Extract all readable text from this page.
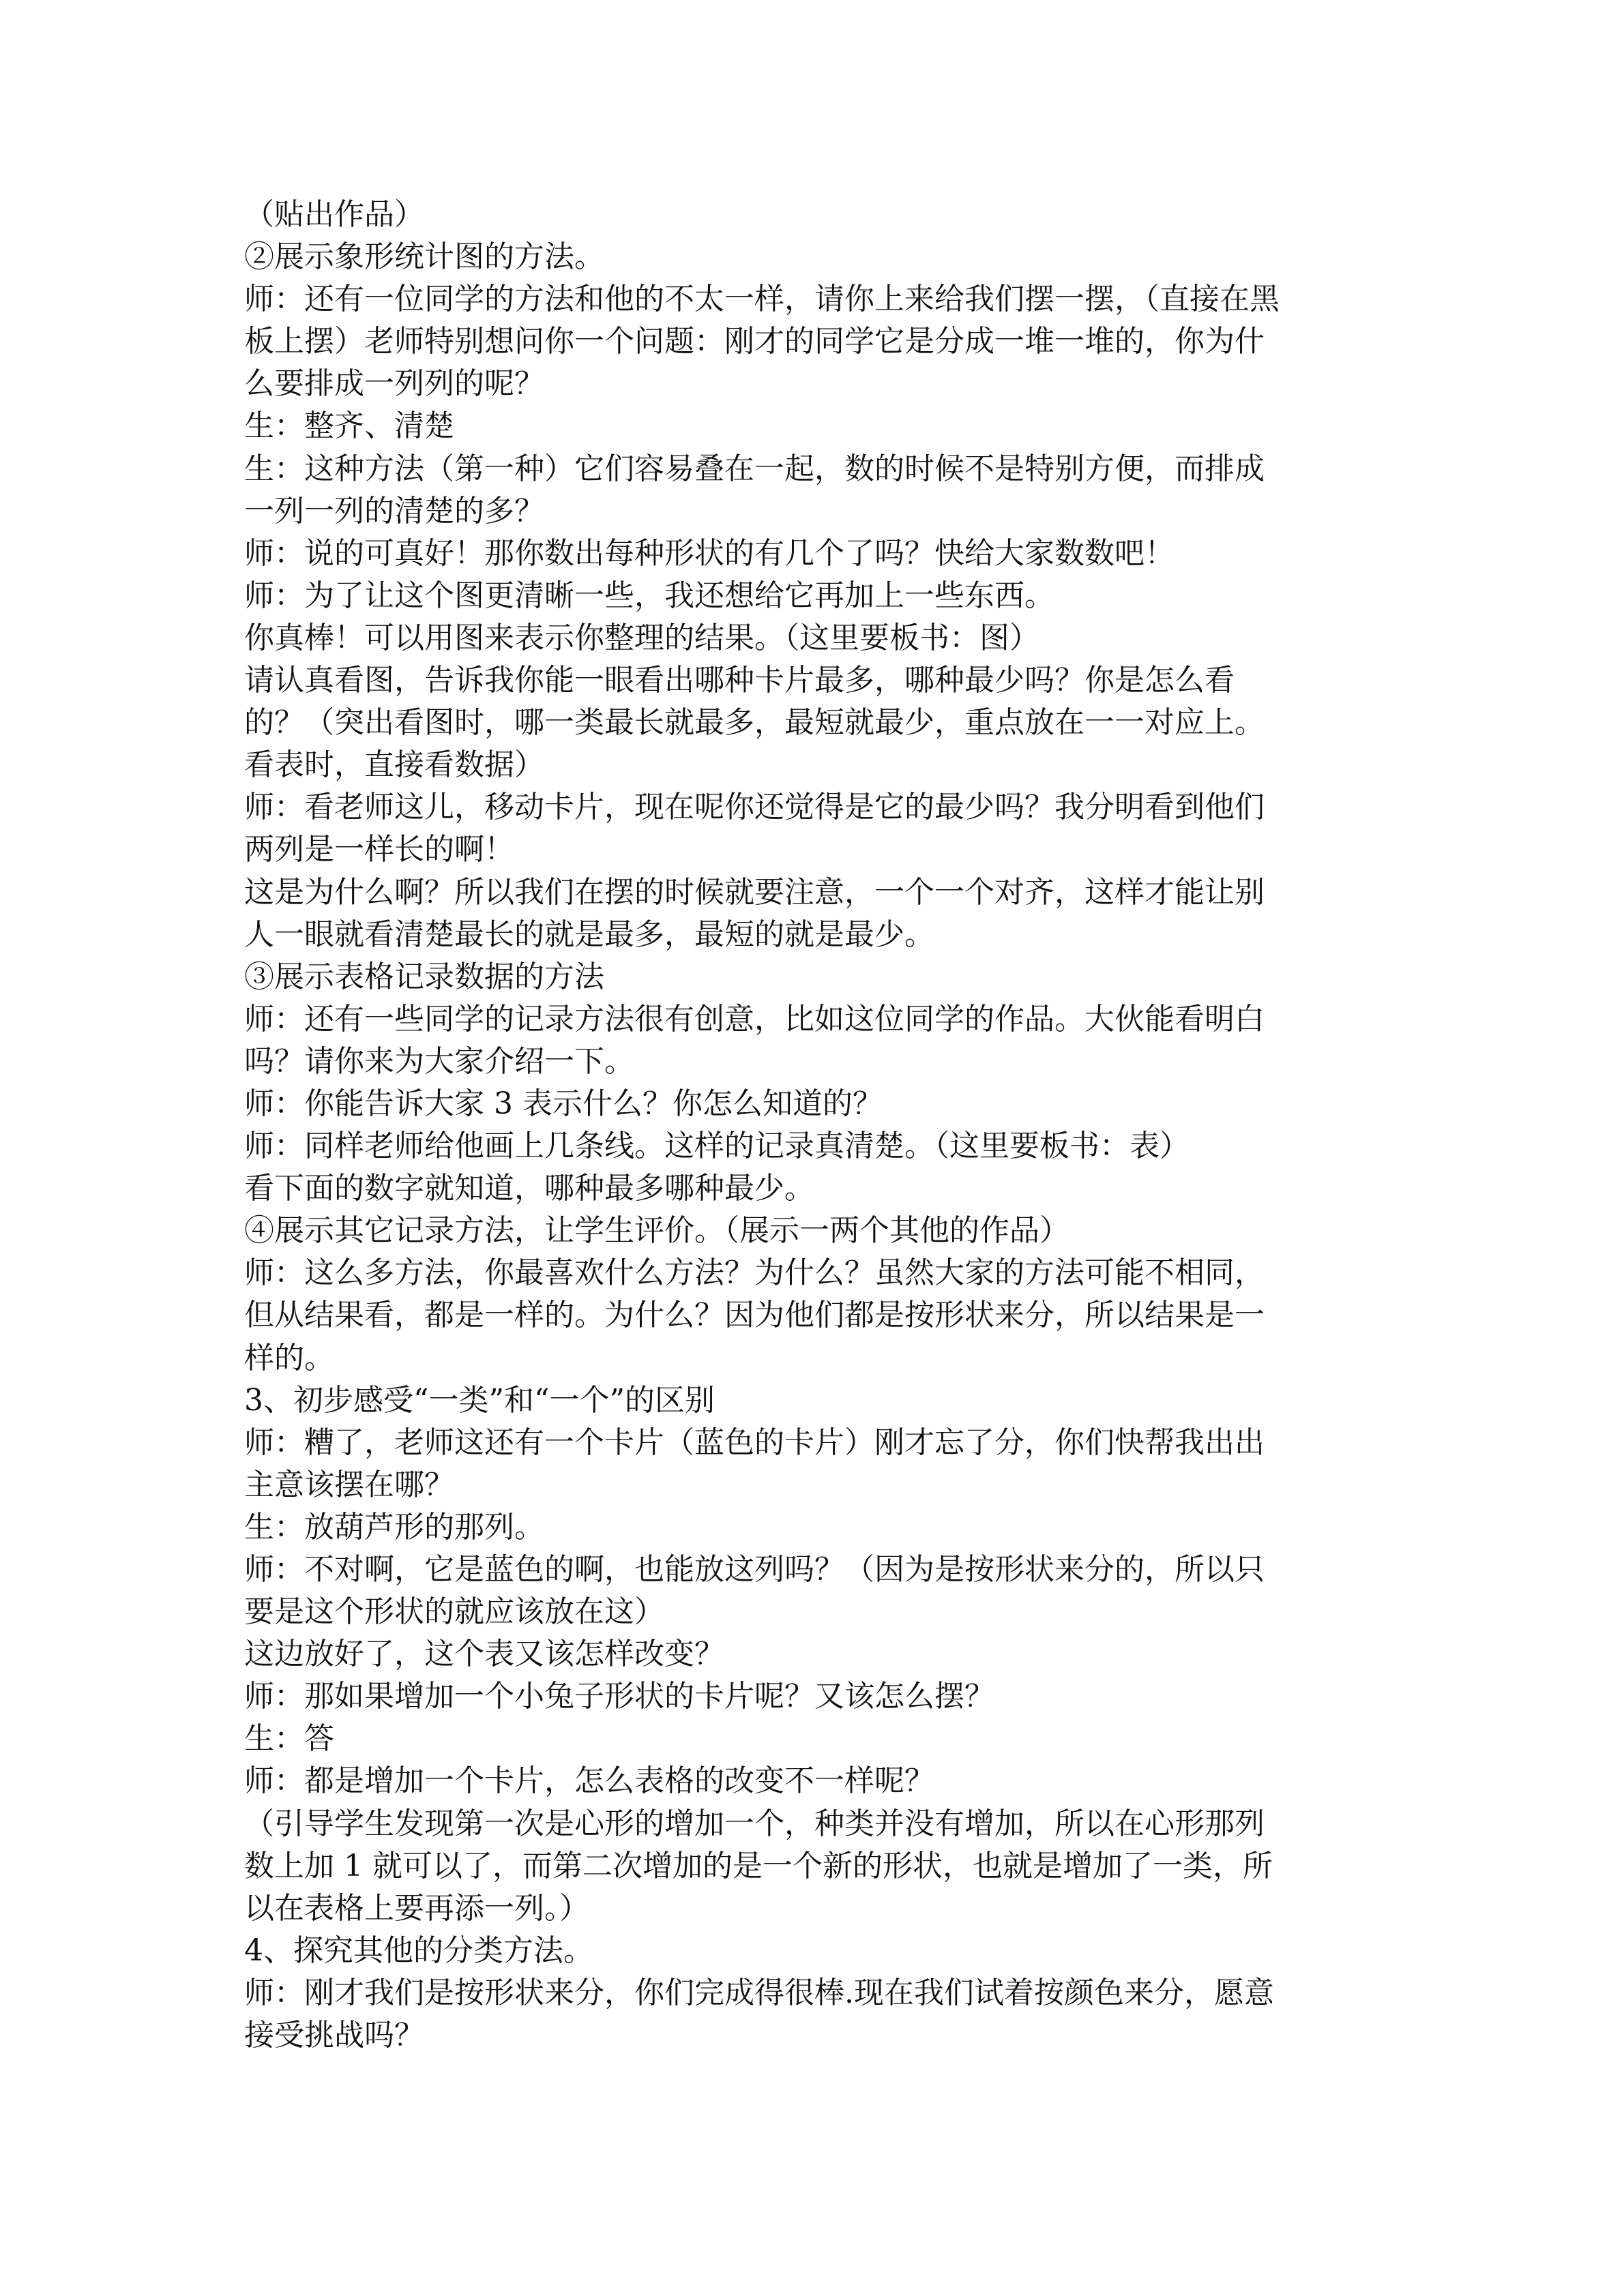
（贴出作品）
②展示象形统计图的方法。
师：还有一位同学的方法和他的不太一样，请你上来给我们摆一摆，（直接在黑
板上摆）老师特别想问你一个问题：刚才的同学它是分成一堆一堆的，你为什
么要排成一列列的呢？
生：整齐、清楚
生：这种方法（第一种）它们容易叠在一起，数的时候不是特别方便，而排成
一列一列的清楚的多？
师：说的可真好！那你数出每种形状的有几个了吗？快给大家数数吧！
师：为了让这个图更清晰一些，我还想给它再加上一些东西。
你真棒！可以用图来表示你整理的结果。（这里要板书：图）
请认真看图，告诉我你能一眼看出哪种卡片最多，哪种最少吗？你是怎么看
的？（突出看图时，哪一类最长就最多，最短就最少，重点放在一一对应上。
看表时，直接看数据）
师：看老师这儿，移动卡片，现在呢你还觉得是它的最少吗？我分明看到他们
两列是一样长的啊！
这是为什么啊？所以我们在摆的时候就要注意，一个一个对齐，这样才能让别
人一眼就看清楚最长的就是最多，最短的就是最少。
③展示表格记录数据的方法
师：还有一些同学的记录方法很有创意，比如这位同学的作品。大伙能看明白
吗？请你来为大家介绍一下。
师：你能告诉大家 3 表示什么？你怎么知道的？
师：同样老师给他画上几条线。这样的记录真清楚。（这里要板书：表）
看下面的数字就知道，哪种最多哪种最少。
④展示其它记录方法，让学生评价。（展示一两个其他的作品）
师：这么多方法，你最喜欢什么方法？为什么？虽然大家的方法可能不相同，
但从结果看，都是一样的。为什么？因为他们都是按形状来分，所以结果是一
样的。
3、初步感受“一类”和“一个”的区别
师：糟了，老师这还有一个卡片（蓝色的卡片）刚才忘了分，你们快帮我出出
主意该摆在哪？
生：放葫芦形的那列。
师：不对啊，它是蓝色的啊，也能放这列吗？（因为是按形状来分的，所以只
要是这个形状的就应该放在这）
这边放好了，这个表又该怎样改变？
师：那如果增加一个小兔子形状的卡片呢？又该怎么摆？
生：答
师：都是增加一个卡片，怎么表格的改变不一样呢？
（引导学生发现第一次是心形的增加一个，种类并没有增加，所以在心形那列
数上加 1 就可以了，而第二次增加的是一个新的形状，也就是增加了一类，所
以在表格上要再添一列。）
4、探究其他的分类方法。
师：刚才我们是按形状来分，你们完成得很棒.现在我们试着按颜色来分，愿意
接受挑战吗？
